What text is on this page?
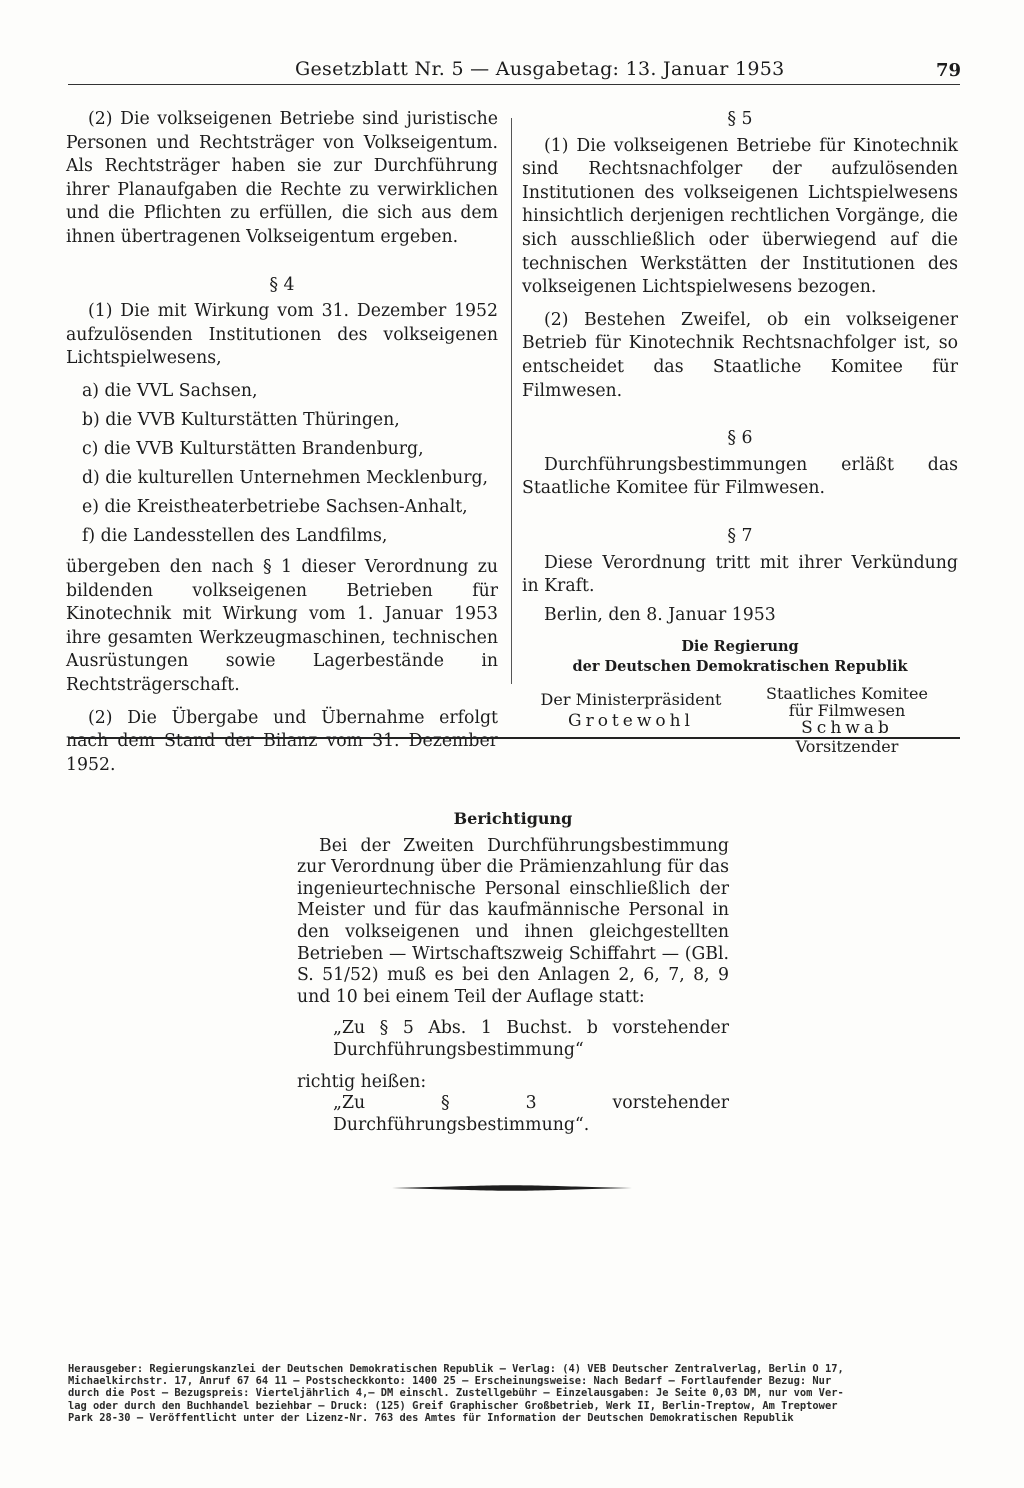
Gesetzblatt Nr. 5 — Ausgabetag: 13. Januar 1953	79

(2) Die volkseigenen Betriebe sind juristische Personen und Rechtsträger von Volkseigentum. Als Rechtsträger haben sie zur Durchführung ihrer Planaufgaben die Rechte zu verwirklichen und die Pflichten zu erfüllen, die sich aus dem ihnen übertragenen Volkseigentum ergeben.

§ 4

(1) Die mit Wirkung vom 31. Dezember 1952 aufzulösenden Institutionen des volkseigenen Lichtspielwesens,

a) die VVL Sachsen,
b) die VVB Kulturstätten Thüringen,
c) die VVB Kulturstätten Brandenburg,
d) die kulturellen Unternehmen Mecklenburg,
e) die Kreistheaterbetriebe Sachsen-Anhalt,
f) die Landesstellen des Landfilms,

übergeben den nach § 1 dieser Verordnung zu bildenden volkseigenen Betrieben für Kinotechnik mit Wirkung vom 1. Januar 1953 ihre gesamten Werkzeugmaschinen, technischen Ausrüstungen sowie Lagerbestände in Rechtsträgerschaft.

(2) Die Übergabe und Übernahme erfolgt nach dem Stand der Bilanz vom 31. Dezember 1952.

§ 5

(1) Die volkseigenen Betriebe für Kinotechnik sind Rechtsnachfolger der aufzulösenden Institutionen des volkseigenen Lichtspielwesens hinsichtlich derjenigen rechtlichen Vorgänge, die sich ausschließlich oder überwiegend auf die technischen Werkstätten der Institutionen des volkseigenen Lichtspielwesens bezogen.

(2) Bestehen Zweifel, ob ein volkseigener Betrieb für Kinotechnik Rechtsnachfolger ist, so entscheidet das Staatliche Komitee für Filmwesen.

§ 6

Durchführungsbestimmungen erläßt das Staatliche Komitee für Filmwesen.

§ 7

Diese Verordnung tritt mit ihrer Verkündung in Kraft.

Berlin, den 8. Januar 1953

Die Regierung
der Deutschen Demokratischen Republik
Der Ministerpräsident
Grotewohl
Staatliches Komitee
für Filmwesen
Schwab
Vorsitzender
Berichtigung

Bei der Zweiten Durchführungsbestimmung zur Verordnung über die Prämienzahlung für das ingenieurtechnische Personal einschließlich der Meister und für das kaufmännische Personal in den volkseigenen und ihnen gleichgestellten Betrieben — Wirtschaftszweig Schiffahrt — (GBl. S. 51/52) muß es bei den Anlagen 2, 6, 7, 8, 9 und 10 bei einem Teil der Auflage statt:

„Zu § 5 Abs. 1 Buchst. b vorstehender Durchführungsbestimmung“

richtig heißen:

„Zu § 3 vorstehender Durchführungsbestimmung“.

Herausgeber: Regierungskanzlei der Deutschen Demokratischen Republik — Verlag: (4) VEB Deutscher Zentralverlag, Berlin O 17,
Michaelkirchstr. 17, Anruf 67 64 11 — Postscheckkonto: 1400 25 — Erscheinungsweise: Nach Bedarf — Fortlaufender Bezug: Nur
durch die Post — Bezugspreis: Vierteljährlich 4,— DM einschl. Zustellgebühr — Einzelausgaben: Je Seite 0,03 DM, nur vom Ver-
lag oder durch den Buchhandel beziehbar — Druck: (125) Greif Graphischer Großbetrieb, Werk II, Berlin-Treptow, Am Treptower
Park 28-30 — Veröffentlicht unter der Lizenz-Nr. 763 des Amtes für Information der Deutschen Demokratischen Republik
